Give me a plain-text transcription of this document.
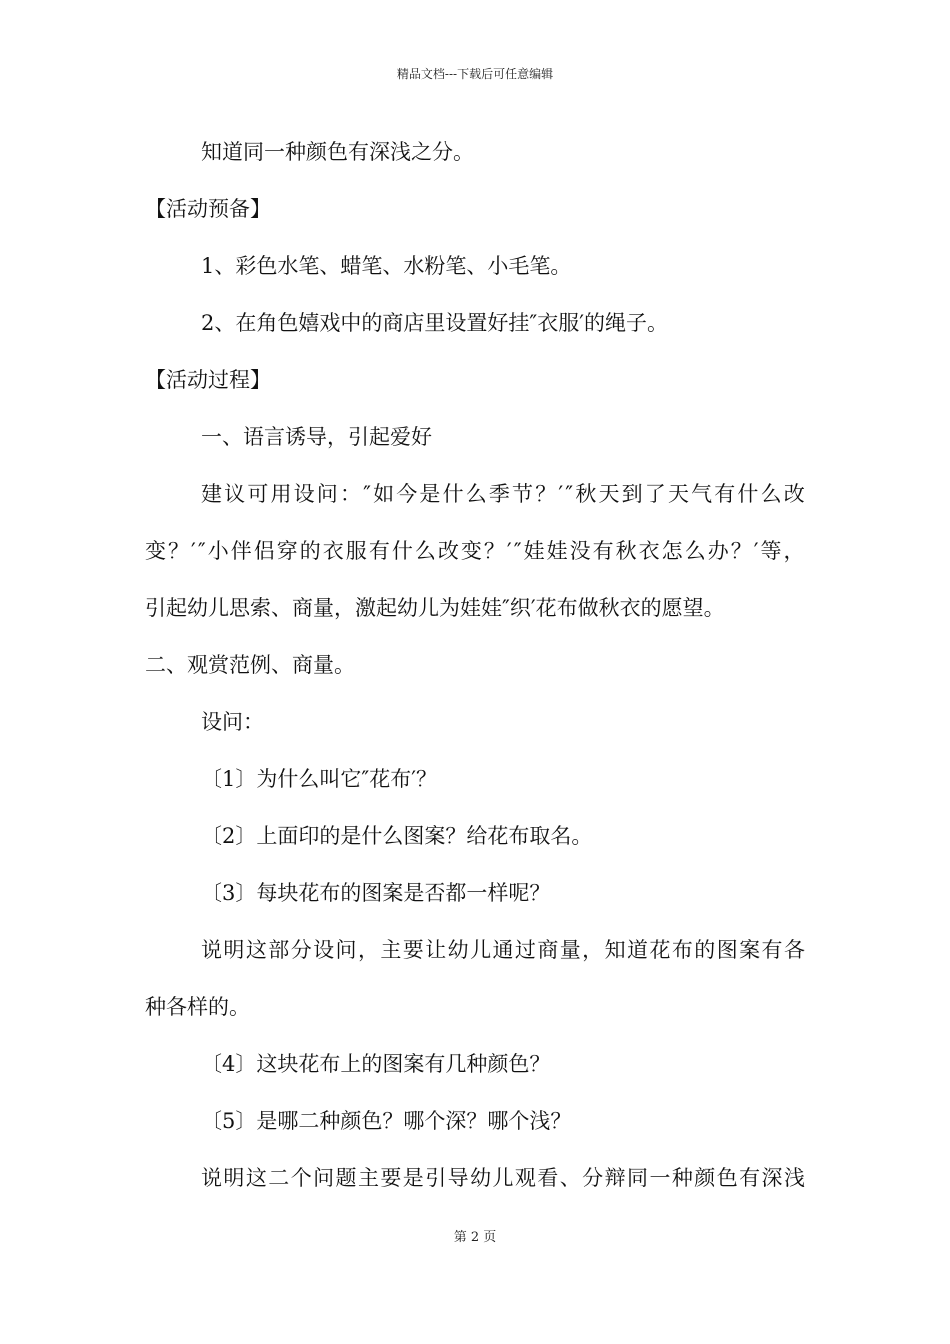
精品文档---下载后可任意编辑
知道同一种颜色有深浅之分。
【活动预备】
1、彩色水笔、蜡笔、水粉笔、小毛笔。
2、在角色嬉戏中的商店里设置好挂″衣服′的绳子。
【活动过程】
一、语言诱导，引起爱好
建 议 可 用 设 问 ： ″ 如 今 是 什 么 季 节 ？ ′ ″ 秋 天 到 了 天 气 有 什 么 改
变 ？ ′ ″ 小 伴 侣 穿 的 衣 服 有 什 么 改 变 ？ ′ ″ 娃 娃 没 有 秋 衣 怎 么 办 ？ ′ 等 ，
引起幼儿思索、商量，激起幼儿为娃娃″织′花布做秋衣的愿望。
二、观赏范例、商量。
设问：
〔1〕为什么叫它″花布′？
〔2〕上面印的是什么图案？给花布取名。
〔3〕每块花布的图案是否都一样呢？
说 明 这 部 分 设 问 ， 主 要 让 幼 儿 通 过 商 量 ， 知 道 花 布 的 图 案 有 各
种各样的。
〔4〕这块花布上的图案有几种颜色？
〔5〕是哪二种颜色？哪个深？哪个浅？
说 明 这 二 个 问 题 主 要 是 引 导 幼 儿 观 看 、 分 辩 同 一 种 颜 色 有 深 浅
第 2 页
